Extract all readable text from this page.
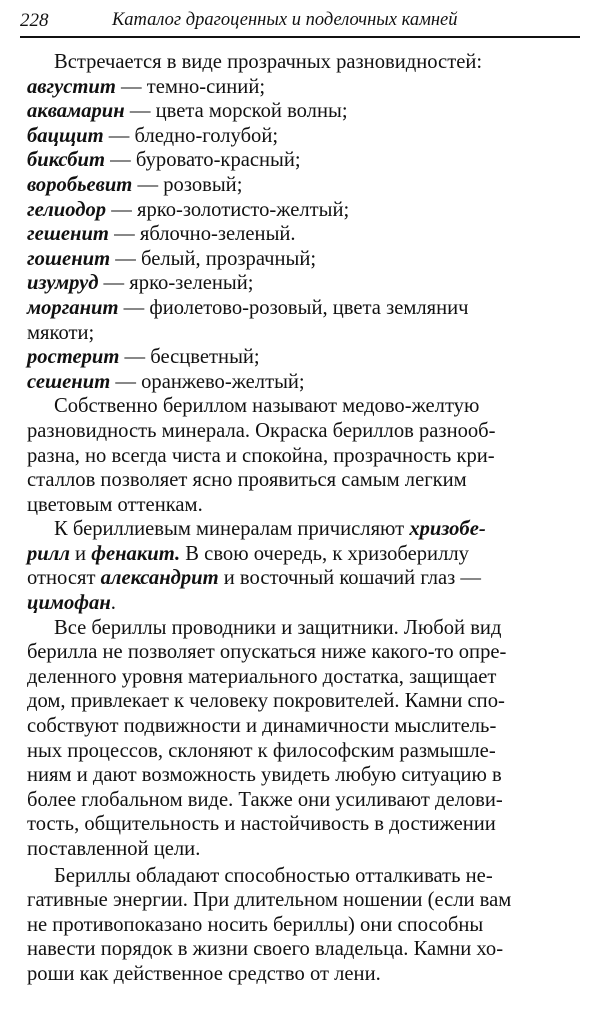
228	Каталог драгоценных и поделочных камней
Встречается в виде прозрачных разновидностей:
августит — темно-синий;
аквамарин — цвета морской волны;
бацщит — бледно-голубой;
биксбит — буровато-красный;
воробьевит — розовый;
гелиодор — ярко-золотисто-желтый;
гешенит — яблочно-зеленый.
гошенит — белый, прозрачный;
изумруд — ярко-зеленый;
морганит — фиолетово-розовый, цвета землянич
мякоти;
ростерит — бесцветный;
сешенит — оранжево-желтый;
Собственно бериллом называют медово-желтую
разновидность минерала. Окраска бериллов разнооб-
разна, но всегда чиста и спокойна, прозрачность кри-
сталлов позволяет ясно проявиться самым легким
цветовым оттенкам.
К бериллиевым минералам причисляют хризобе-
рилл и фенакит. В свою очередь, к хризобериллу
относят александрит и восточный кошачий глаз —
цимофан.
Все бериллы проводники и защитники. Любой вид
берилла не позволяет опускаться ниже какого-то опре-
деленного уровня материального достатка, защищает
дом, привлекает к человеку покровителей. Камни спо-
собствуют подвижности и динамичности мыслитель-
ных процессов, склоняют к философским размышле-
ниям и дают возможность увидеть любую ситуацию в
более глобальном виде. Также они усиливают делови-
тость, общительность и настойчивость в достижении
поставленной цели.
Бериллы обладают способностью отталкивать не-
гативные энергии. При длительном ношении (если вам
не противопоказано носить бериллы) они способны
навести порядок в жизни своего владельца. Камни хо-
роши как действенное средство от лени.
